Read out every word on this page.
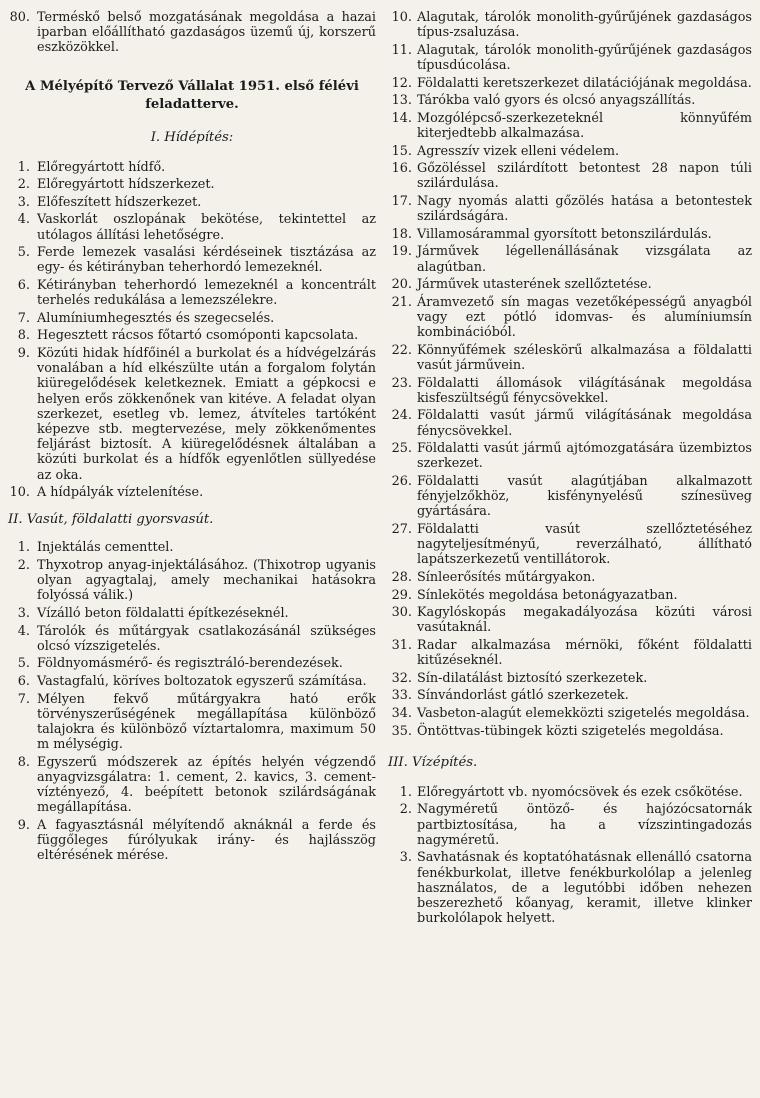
80. Terméskő belső mozgatásának megoldása a hazai iparban előállítható gazdaságos üzemű új, korszerű eszközökkel.
A Mélyépítő Tervező Vállalat 1951. első félévi feladatterve.
I. Hídépítés:
1. Előregyártott hídfő.
2. Előregyártott hídszerkezet.
3. Előfeszített hídszerkezet.
4. Vaskorlát oszlopának bekötése, tekintettel az utólagos állítási lehetőségre.
5. Ferde lemezek vasalási kérdéseinek tisztázása az egy- és kétirányban teherhordó lemezeknél.
6. Kétirányban teherhordó lemezeknél a koncentrált terhelés redukálása a lemezszélekre.
7. Alumíniumhegesztés és szegecselés.
8. Hegesztett rácsos főtartó csomóponti kapcsolata.
9. Közúti hidak hídfőinél a burkolat és a hídvégelzárás vonalában a híd elkészülte után a forgalom folytán kiüregelődések keletkeznek. Emiatt a gépkocsi e helyen erős zökkenőnek van kitéve. A feladat olyan szerkezet, esetleg vb. lemez, átvíteles tartóként képezve stb. megtervezése, mely zökkenőmentes feljárást biztosít. A kiüregelődésnek általában a közúti burkolat és a hídfők egyenlőtlen süllyedése az oka.
10. A hídpályák víztelenítése.
II. Vasút, földalatti gyorsvasút.
1. Injektálás cementtel.
2. Thyxotrop anyag-injektálásához. (Thixotrop ugyanis olyan agyagtalaj, amely mechanikai hatásokra folyóssá válik.)
3. Vízálló beton földalatti építkezéseknél.
4. Tárolók és műtárgyak csatlakozásánál szükséges olcsó vízszigetelés.
5. Földnyomásmérő- és regisztráló-berendezések.
6. Vastagfalú, köríves boltozatok egyszerű számítása.
7. Mélyen fekvő műtárgyakra ható erők törvényszerűségének megállapítása különböző talajokra és különböző víztartalomra, maximum 50 m mélységig.
8. Egyszerű módszerek az építés helyén végzendő anyagvizsgálatra: 1. cement, 2. kavics, 3. cement-víztényező, 4. beépített betonok szilárdságának megállapítása.
9. A fagyasztásnál mélyítendő aknáknál a ferde és függőleges fúrólyukak irány- és hajlásszög eltérésének mérése.
10. Alagutak, tárolók monolith-gyűrűjének gazdaságos típus-zsaluzása.
11. Alagutak, tárolók monolith-gyűrűjének gazdaságos típusdúcolása.
12. Földalatti keretszerkezet dilatációjának megoldása.
13. Tárókba való gyors és olcsó anyagszállítás.
14. Mozgólépcső-szerkezeteknél könnyűfém kiterjedtebb alkalmazása.
15. Agresszív vizek elleni védelem.
16. Gőzöléssel szilárdított betontest 28 napon túli szilárdulása.
17. Nagy nyomás alatti gőzölés hatása a betontestek szilárdságára.
18. Villamosárammal gyorsított betonszilárdulás.
19. Járművek légellenállásának vizsgálata az alagútban.
20. Járművek utasterének szellőztetése.
21. Áramvezető sín magas vezetőképességű anyagból vagy ezt pótló idomvas- és alumíniumsín kombinációból.
22. Könnyűfémek széleskörű alkalmazása a földalatti vasút járművein.
23. Földalatti állomások világításának megoldása kisfeszültségű fénycsövekkel.
24. Földalatti vasút jármű világításának megoldása fénycsövekkel.
25. Földalatti vasút jármű ajtómozgatására üzembiztos szerkezet.
26. Földalatti vasút alagútjában alkalmazott fényjelzőkhöz, kisfénynyelésű színesüveg gyártására.
27. Földalatti vasút szellőztetéséhez nagyteljesítményű, reverzálható, állítható lapátszerkezetű ventillátorok.
28. Sínleerősítés műtárgyakon.
29. Sínlekötés megoldása betonágyazatban.
30. Kagylóskopás megakadályozása közúti városi vasútaknál.
31. Radar alkalmazása mérnöki, főként földalatti kitűzéseknél.
32. Sín-dilatálást biztosító szerkezetek.
33. Sínvándorlást gátló szerkezetek.
34. Vasbeton-alagút elemekközti szigetelés megoldása.
35. Öntöttvas-tübingek közti szigetelés megoldása.
III. Vízépítés.
1. Előregyártott vb. nyomócsövek és ezek csőkötése.
2. Nagyméretű öntöző- és hajózócsatornák partbiztosítása, ha a vízszintingadozás nagyméretű.
3. Savhatásnak és koptatóhatásnak ellenálló csatorna fenékburkolat, illetve fenékburkolólap a jelenleg használatos, de a legutóbbi időben nehezen beszerezhető kőanyag, keramit, illetve klinker burkolólapok helyett.
